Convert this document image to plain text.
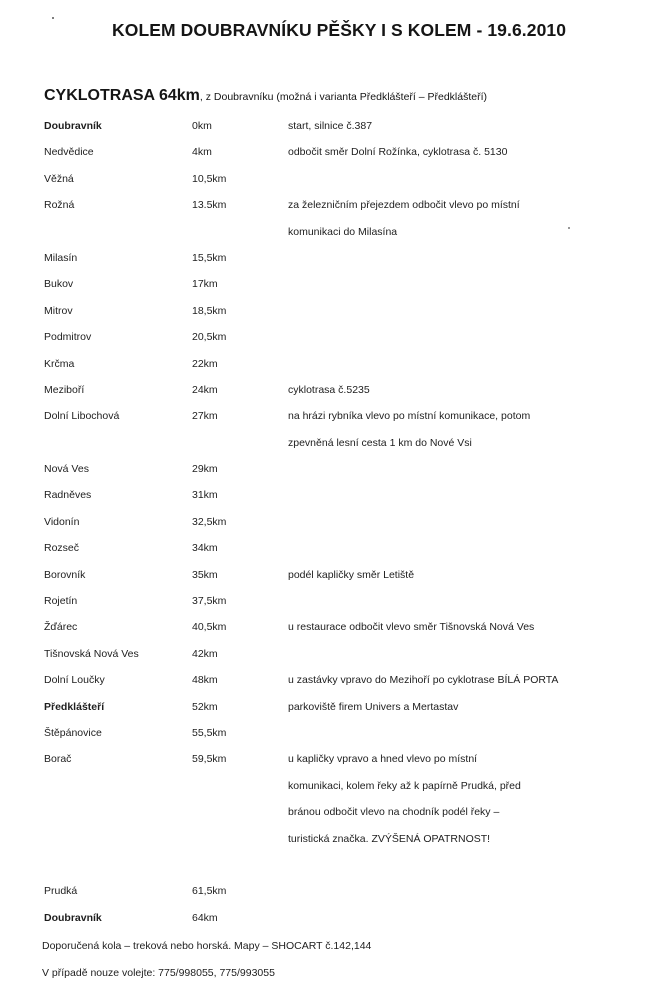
KOLEM DOUBRAVNÍKU PĚŠKY I S KOLEM - 19.6.2010
CYKLOTRASA 64km, z Doubravníku (možná i varianta Předklášteří – Předklášteří)
Doubravník	0km	start, silnice č.387
Nedvědice	4km	odbočit směr Dolní Rožínka, cyklotrasa č. 5130
Věžná	10,5km
Rožná	13.5km	za železničním přejezdem odbočit vlevo po místní
komunikaci do Milasína
Milasín	15,5km
Bukov	17km
Mitrov	18,5km
Podmitrov	20,5km
Krčma	22km
Meziboří	24km	cyklotrasa č.5235
Dolní Libochová	27km	na hrázi rybníka vlevo po místní komunikace, potom
zpevněná lesní cesta 1 km do Nové Vsi
Nová Ves	29km
Radněves	31km
Vidonín	32,5km
Rozseč	34km
Borovník	35km	podél kapličky směr Letiště
Rojetín	37,5km
Žďárec	40,5km	u restaurace odbočit vlevo směr Tišnovská Nová Ves
Tišnovská Nová Ves	42km
Dolní Loučky	48km	u zastávky vpravo do Mezihoří po cyklotrase BÍLÁ PORTA
Předklášteří	52km	parkoviště firem Univers a Mertastav
Štěpánovice	55,5km
Borač	59,5km	u kapličky vpravo a hned vlevo po místní
komunikaci, kolem řeky až k papírně Prudká, před
bránou odbočit vlevo na chodník podél řeky –
turistická značka. ZVÝŠENÁ OPATRNOST!
Prudká	61,5km
Doubravník	64km
Doporučená kola – treková nebo horská. Mapy – SHOCART č.142,144
V případě nouze volejte: 775/998055, 775/993055
